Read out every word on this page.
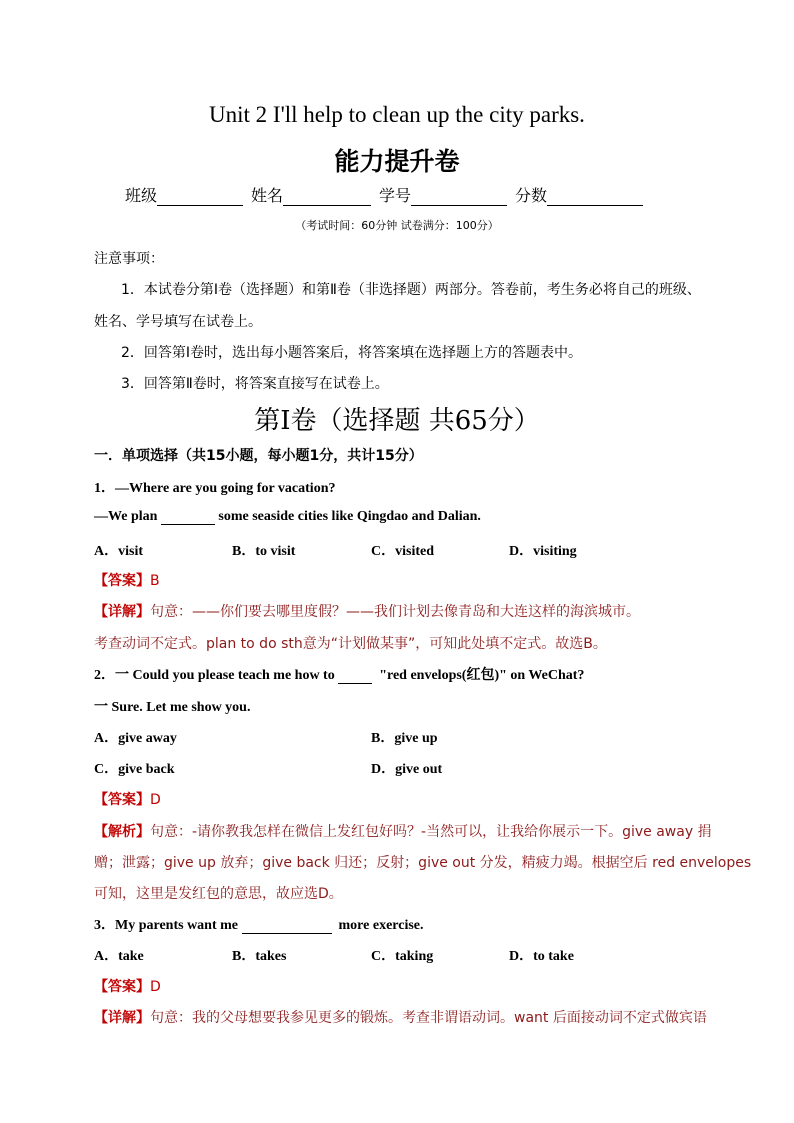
Unit 2 I'll help to clean up the city parks.
能力提升卷
班级	姓名	学号	分数
（考试时间：60分钟 试卷满分：100分）
注意事项：
1．本试卷分第Ⅰ卷（选择题）和第Ⅱ卷（非选择题）两部分。答卷前，考生务必将自己的班级、
姓名、学号填写在试卷上。
2．回答第Ⅰ卷时，选出每小题答案后，将答案填在选择题上方的答题表中。
3．回答第Ⅱ卷时，将答案直接写在试卷上。
第Ⅰ卷（选择题 共65分）
一．单项选择（共15小题，每小题1分，共计15分）
1．—Where are you going for vacation?
—We plan	some seaside cities like Qingdao and Dalian.
A．visit	B．to visit	C．visited	D．visiting
【答案】B
【详解】句意：——你们要去哪里度假？——我们计划去像青岛和大连这样的海滨城市。
考查动词不定式。plan to do sth意为“计划做某事”，可知此处填不定式。故选B。
2．一 Could you please teach me how to	"red envelops(红包)" on WeChat?
一 Sure. Let me show you.
A．give away	B．give up
C．give back	D．give out
【答案】D
【解析】句意：-请你教我怎样在微信上发红包好吗？-当然可以，让我给你展示一下。give away 捐
赠；泄露；give up 放弃；give back 归还；反射；give out 分发，精疲力竭。根据空后 red envelopes
可知，这里是发红包的意思，故应选D。
3．My parents want me	more exercise.
A．take	B．takes	C．taking	D．to take
【答案】D
【详解】句意：我的父母想要我参见更多的锻炼。考查非谓语动词。want 后面接动词不定式做宾语
